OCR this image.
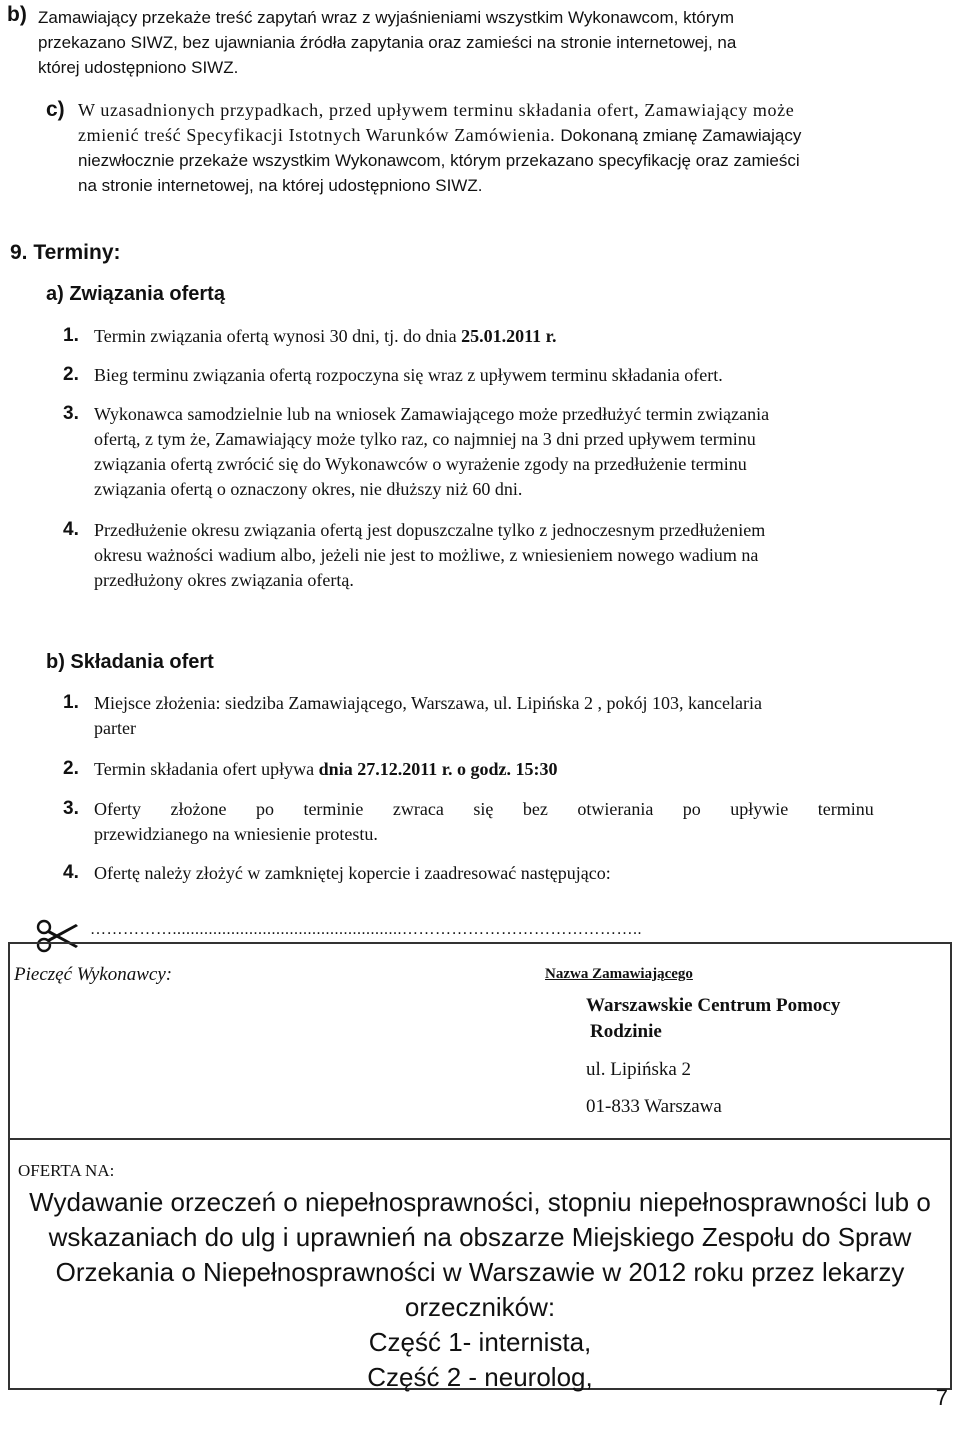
b) Zamawiający przekaże treść zapytań wraz z wyjaśnieniami wszystkim Wykonawcom, którym
przekazano SIWZ, bez ujawniania źródła zapytania oraz zamieści na stronie internetowej, na
której udostępniono SIWZ.
c) W uzasadnionych przypadkach, przed upływem terminu składania ofert, Zamawiający może
zmienić treść Specyfikacji Istotnych Warunków Zamówienia. Dokonaną zmianę Zamawiający
niezwłocznie przekaże wszystkim Wykonawcom, którym przekazano specyfikację oraz zamieści
na stronie internetowej, na której udostępniono SIWZ.
9. Terminy:
a) Związania ofertą
1. Termin związania ofertą wynosi 30 dni, tj. do dnia 25.01.2011 r.
2. Bieg terminu związania ofertą rozpoczyna się wraz z upływem terminu składania ofert.
3. Wykonawca samodzielnie lub na wniosek Zamawiającego może przedłużyć termin związania
ofertą, z tym że, Zamawiający może tylko raz, co najmniej na 3 dni przed upływem terminu
związania ofertą zwrócić się do Wykonawców o wyrażenie zgody na przedłużenie terminu
związania ofertą o oznaczony okres, nie dłuższy niż 60 dni.
4. Przedłużenie okresu związania ofertą jest dopuszczalne tylko z jednoczesnym przedłużeniem
okresu ważności wadium albo, jeżeli nie jest to możliwe, z wniesieniem nowego wadium na
przedłużony okres związania ofertą.
b) Składania ofert
1. Miejsce złożenia: siedziba Zamawiającego, Warszawa, ul. Lipińska 2 , pokój 103, kancelaria
parter
2. Termin składania ofert upływa dnia 27.12.2011 r. o godz. 15:30
3. Oferty złożone po terminie zwraca się bez otwierania po upływie terminu
przewidzianego na wniesienie protestu.
4. Ofertę należy złożyć w zamkniętej kopercie i zaadresować następująco:
……………...................................................……………………………………..
Pieczęć Wykonawcy:	Nazwa Zamawiającego
Warszawskie Centrum Pomocy
Rodzinie
ul. Lipińska 2
01-833 Warszawa
OFERTA NA:
Wydawanie orzeczeń o niepełnosprawności, stopniu niepełnosprawności lub o
wskazaniach do ulg i uprawnień na obszarze Miejskiego Zespołu do Spraw
Orzekania o Niepełnosprawności w Warszawie w 2012 roku przez lekarzy
orzeczników:
Część 1- internista,
Część 2 - neurolog,
7
